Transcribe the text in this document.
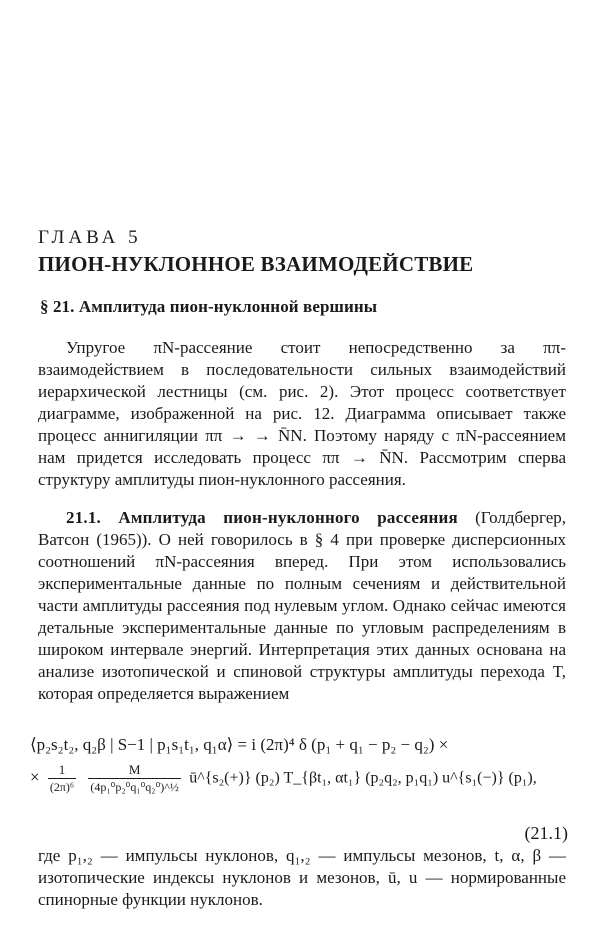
ГЛАВА 5
ПИОН-НУКЛОННОЕ ВЗАИМОДЕЙСТВИЕ
§ 21. Амплитуда пион-нуклонной вершины

Упругое πN-рассеяние стоит непосредственно за ππ-взаимодействием в последовательности сильных взаимодействий иерархической лестницы (см. рис. 2). Этот процесс соответствует диаграмме, изображенной на рис. 12. Диаграмма описывает также процесс аннигиляции ππ → → N̄N. Поэтому наряду с πN-рассеянием нам придется исследовать процесс ππ → N̄N. Рассмотрим сперва структуру амплитуды пион-нуклонного рассеяния.

21.1. Амплитуда пион-нуклонного рассеяния (Голдбергер, Ватсон (1965)). О ней говорилось в § 4 при проверке дисперсионных соотношений πN-рассеяния вперед. При этом использовались экспериментальные данные по полным сечениям и действительной части амплитуды рассеяния под нулевым углом. Однако сейчас имеются детальные экспериментальные данные по угловым распределениям в широком интервале энергий. Интерпретация этих данных основана на анализе изотопической и спиновой структуры амплитуды перехода T, которая определяется выражением

⟨p₂s₂t₂, q₂β | S−1 | p₁s₁t₁, q₁α⟩ = i (2π)⁴ δ (p₁ + q₁ − p₂ − q₂) ×
× $\frac{1}{\text{(2π)⁶}}$
$\frac{M}{\text{(4p₁⁰p₂⁰q₁⁰q₂⁰)\textasciicircum{}½}}$ ū^{s₂(+)} (p₂) T_{βt₁, αt₁} (p₂q₂, p₁q₁) u^{s₁(−)} (p₁),
(21.1)

где p₁,₂ — импульсы нуклонов, q₁,₂ — импульсы мезонов, t, α, β — изотопические индексы нуклонов и мезонов, ū, u — нормированные спинорные функции нуклонов.
